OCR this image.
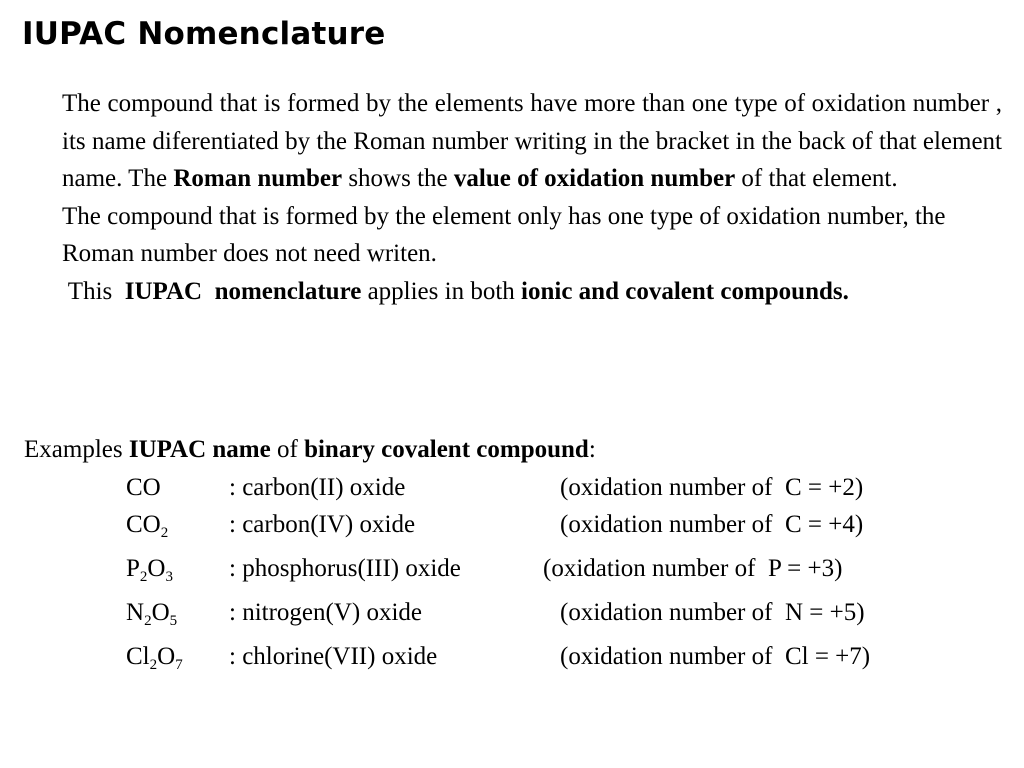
IUPAC Nomenclature

The compound that is formed by the elements have more than one type of oxidation number , its name diferentiated by the Roman number writing in the bracket in the back of that element name. The Roman number shows the value of oxidation number of that element.

The compound that is formed by the element only has one type of oxidation number, the Roman number does not need writen.

This  IUPAC nomenclature applies in both ionic and covalent compounds.

Examples IUPAC name of binary covalent compound:
CO	: carbon(II) oxide	(oxidation number of  C = +2)
$CO_2$ : carbon(IV) oxide	(oxidation number of  C = +4)
$P_2O_3$ : phosphorus(III) oxide	(oxidation number of  P = +3)
$N_2O_5$ : nitrogen(V) oxide	(oxidation number of  N = +5)
$Cl_2O_7$ : chlorine(VII) oxide	(oxidation number of  Cl = +7)
